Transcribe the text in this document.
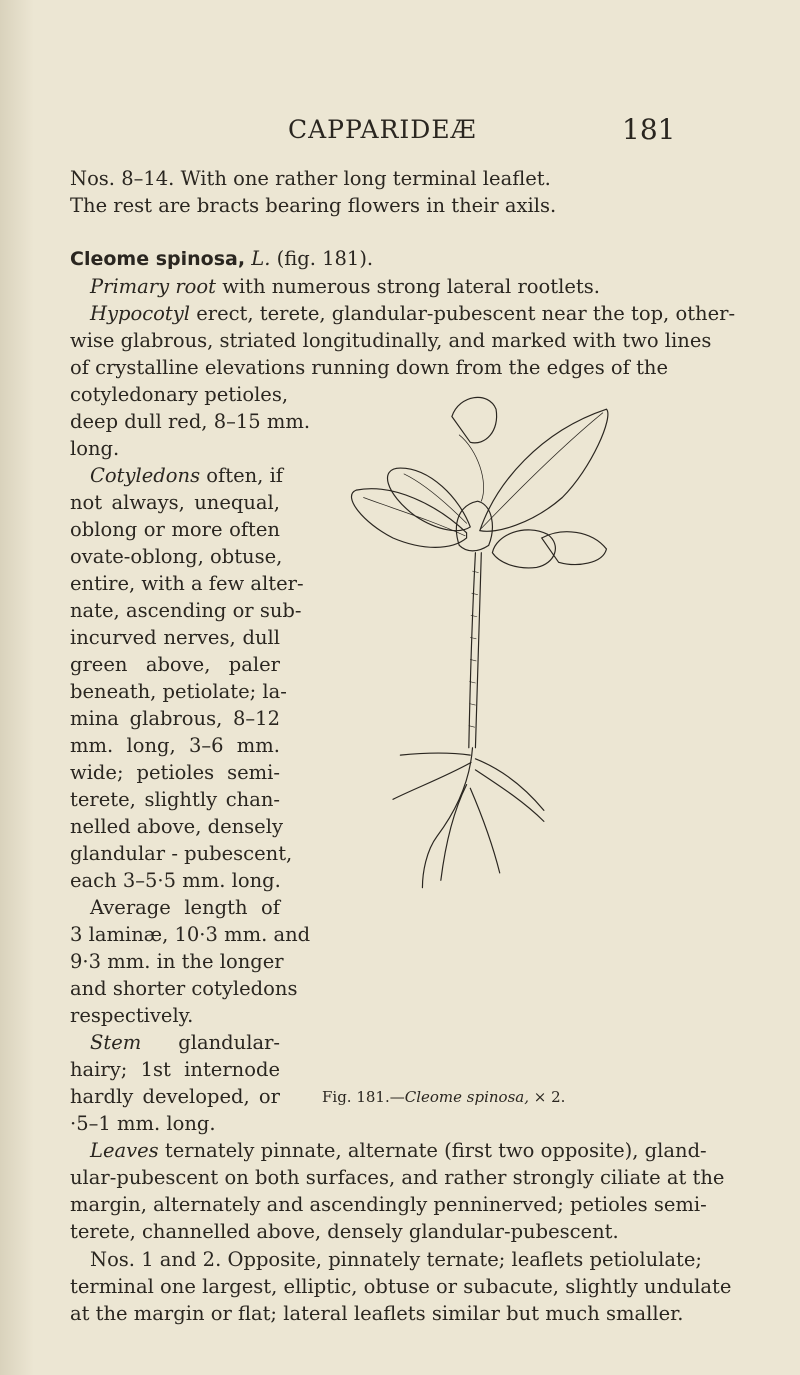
CAPPARIDEÆ	181
Nos. 8–14. With one rather long terminal leaflet.
The rest are bracts bearing flowers in their axils.
Cleome spinosa, L. (fig. 181).
Primary root with numerous strong lateral rootlets.
Hypocotyl erect, terete, glandular-pubescent near the top, other-
wise glabrous, striated longitudinally, and marked with two lines
of crystalline elevations running down from the edges of the
cotyledonary petioles,
deep dull red, 8–15 mm.
long.
Cotyledons often, if
not always, unequal,
oblong or more often
ovate-oblong, obtuse,
entire, with a few alter-
nate, ascending or sub-
incurved nerves, dull
green above, paler
beneath, petiolate; la-
mina glabrous, 8–12
mm. long, 3–6 mm.
wide; petioles semi-
terete, slightly chan-
nelled above, densely
glandular - pubescent,
each 3–5·5 mm. long.
Average length of
3 laminæ, 10·3 mm. and
9·3 mm. in the longer
and shorter cotyledons
respectively.
Stem glandular-
hairy; 1st internode
hardly developed, or
·5–1 mm. long.
Fig. 181.—Cleome spinosa, × 2.
Leaves ternately pinnate, alternate (first two opposite), gland-
ular-pubescent on both surfaces, and rather strongly ciliate at the
margin, alternately and ascendingly penninerved; petioles semi-
terete, channelled above, densely glandular-pubescent.
Nos. 1 and 2. Opposite, pinnately ternate; leaflets petiolulate;
terminal one largest, elliptic, obtuse or subacute, slightly undulate
at the margin or flat; lateral leaflets similar but much smaller.
